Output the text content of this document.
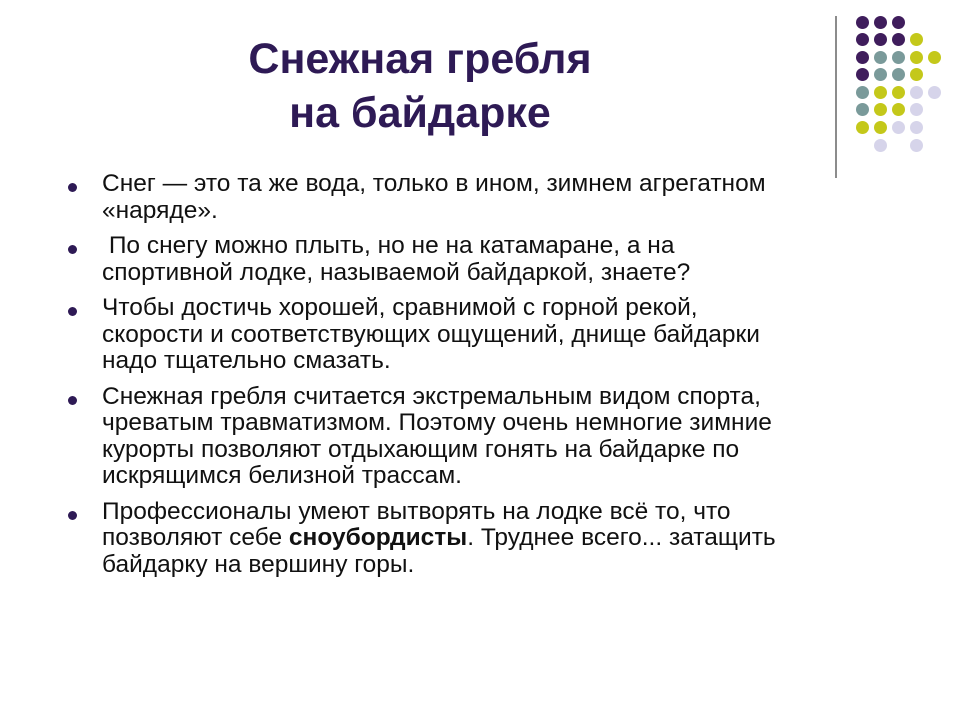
Снежная гребля
на байдарке
Снег — это та же вода, только в ином, зимнем агрегатном «наряде».
По снегу можно плыть, но не на катамаране, а на спортивной лодке, называемой байдаркой, знаете?
Чтобы достичь хорошей, сравнимой с горной рекой, скорости и соответствующих ощущений, днище байдарки надо тщательно смазать.
Снежная гребля считается экстремальным видом спорта, чреватым травматизмом. Поэтому очень немногие зимние курорты позволяют отдыхающим гонять на байдарке по искрящимся белизной трассам.
Профессионалы умеют вытворять на лодке всё то, что позволяют себе сноубордисты. Труднее всего... затащить байдарку на вершину горы.
